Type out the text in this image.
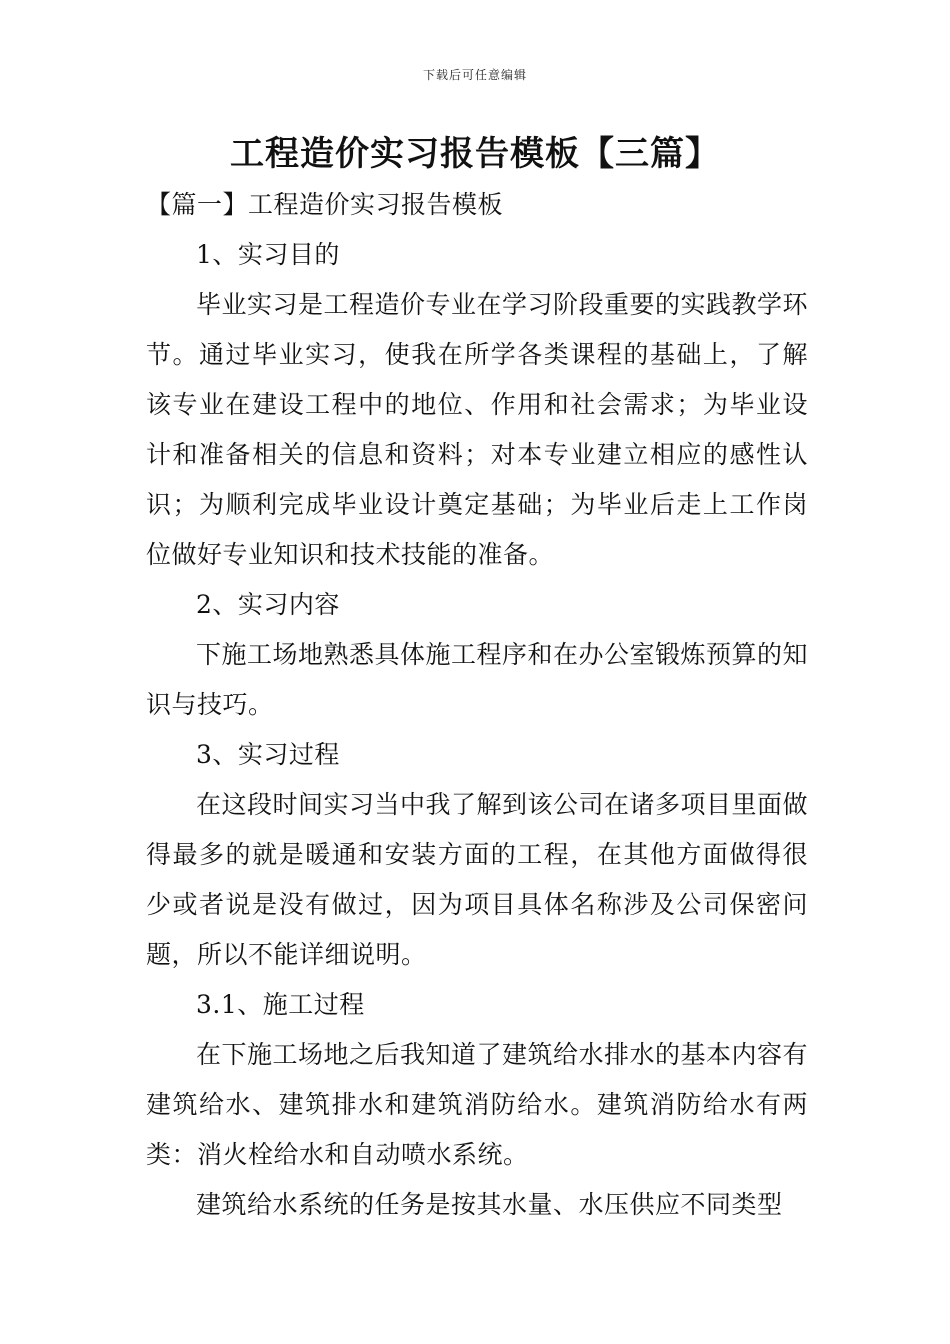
下载后可任意编辑
工程造价实习报告模板【三篇】

【篇一】工程造价实习报告模板

1、实习目的

毕业实习是工程造价专业在学习阶段重要的实践教学环节。通过毕业实习，使我在所学各类课程的基础上，了解该专业在建设工程中的地位、作用和社会需求；为毕业设计和准备相关的信息和资料；对本专业建立相应的感性认识；为顺利完成毕业设计奠定基础；为毕业后走上工作岗位做好专业知识和技术技能的准备。

2、实习内容

下施工场地熟悉具体施工程序和在办公室锻炼预算的知识与技巧。

3、实习过程

在这段时间实习当中我了解到该公司在诸多项目里面做得最多的就是暖通和安装方面的工程，在其他方面做得很少或者说是没有做过，因为项目具体名称涉及公司保密问题，所以不能详细说明。

3.1、施工过程

在下施工场地之后我知道了建筑给水排水的基本内容有建筑给水、建筑排水和建筑消防给水。建筑消防给水有两类：消火栓给水和自动喷水系统。

建筑给水系统的任务是按其水量、水压供应不同类型
